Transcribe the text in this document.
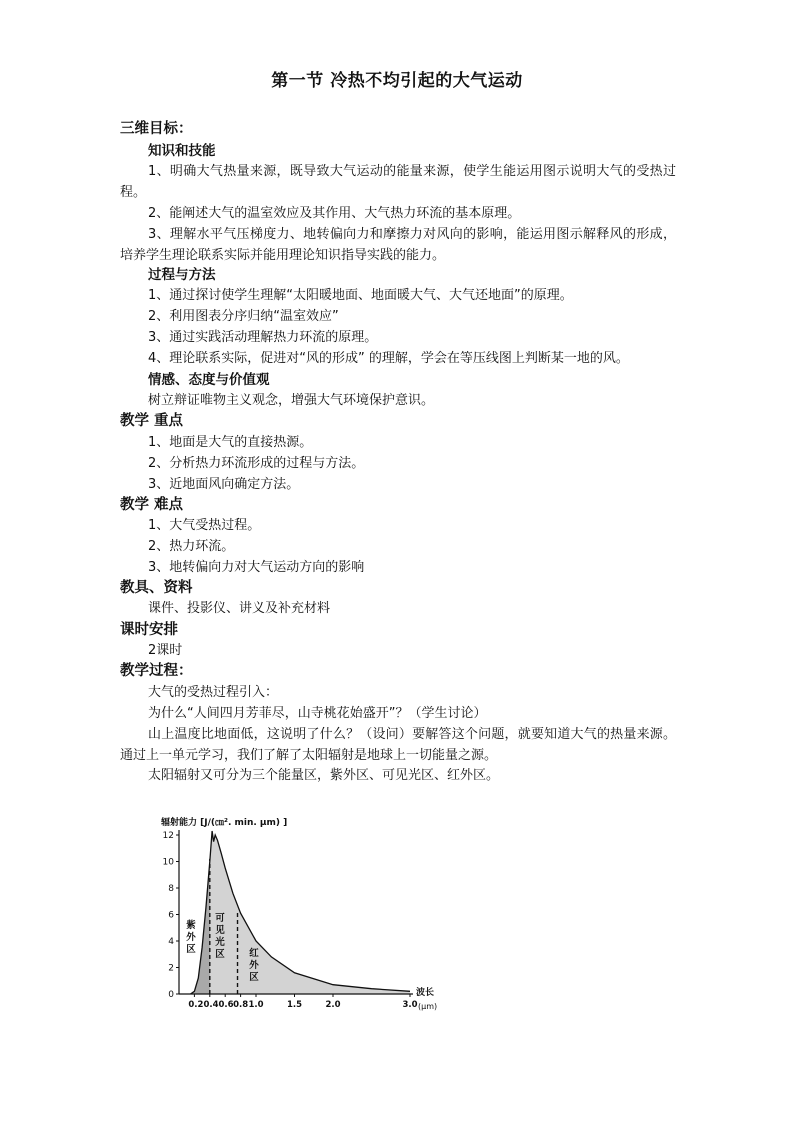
第一节 冷热不均引起的大气运动
三维目标：
知识和技能
1、明确大气热量来源，既导致大气运动的能量来源，使学生能运用图示说明大气的受热过程。
2、能阐述大气的温室效应及其作用、大气热力环流的基本原理。
3、理解水平气压梯度力、地转偏向力和摩擦力对风向的影响，能运用图示解释风的形成，培养学生理论联系实际并能用理论知识指导实践的能力。
过程与方法
1、通过探讨使学生理解“太阳暖地面、地面暖大气、大气还地面”的原理。
2、利用图表分序归纳“温室效应”
3、通过实践活动理解热力环流的原理。
4、理论联系实际，促进对“风的形成” 的理解，学会在等压线图上判断某一地的风。
情感、态度与价值观
树立辩证唯物主义观念，增强大气环境保护意识。
教学 重点
1、地面是大气的直接热源。
2、分析热力环流形成的过程与方法。
3、近地面风向确定方法。
教学 难点
1、大气受热过程。
2、热力环流。
3、地转偏向力对大气运动方向的影响
教具、资料
课件、投影仪、讲义及补充材料
课时安排
2课时
教学过程：
大气的受热过程引入：
为什么“人间四月芳菲尽，山寺桃花始盛开”？（学生讨论）
山上温度比地面低，这说明了什么？（设问）要解答这个问题，就要知道大气的热量来源。通过上一单元学习，我们了解了太阳辐射是地球上一切能量之源。
太阳辐射又可分为三个能量区，紫外区、可见光区、红外区。
辐射能力 [J/(㎝². min. μm) ]
0
2
4
6
8
10
12
0.20.40.6 0.8 1.0	1.5	2.0	3.0
紫
外
区
可
见
光
区	红
外
区
波长
(μm)
